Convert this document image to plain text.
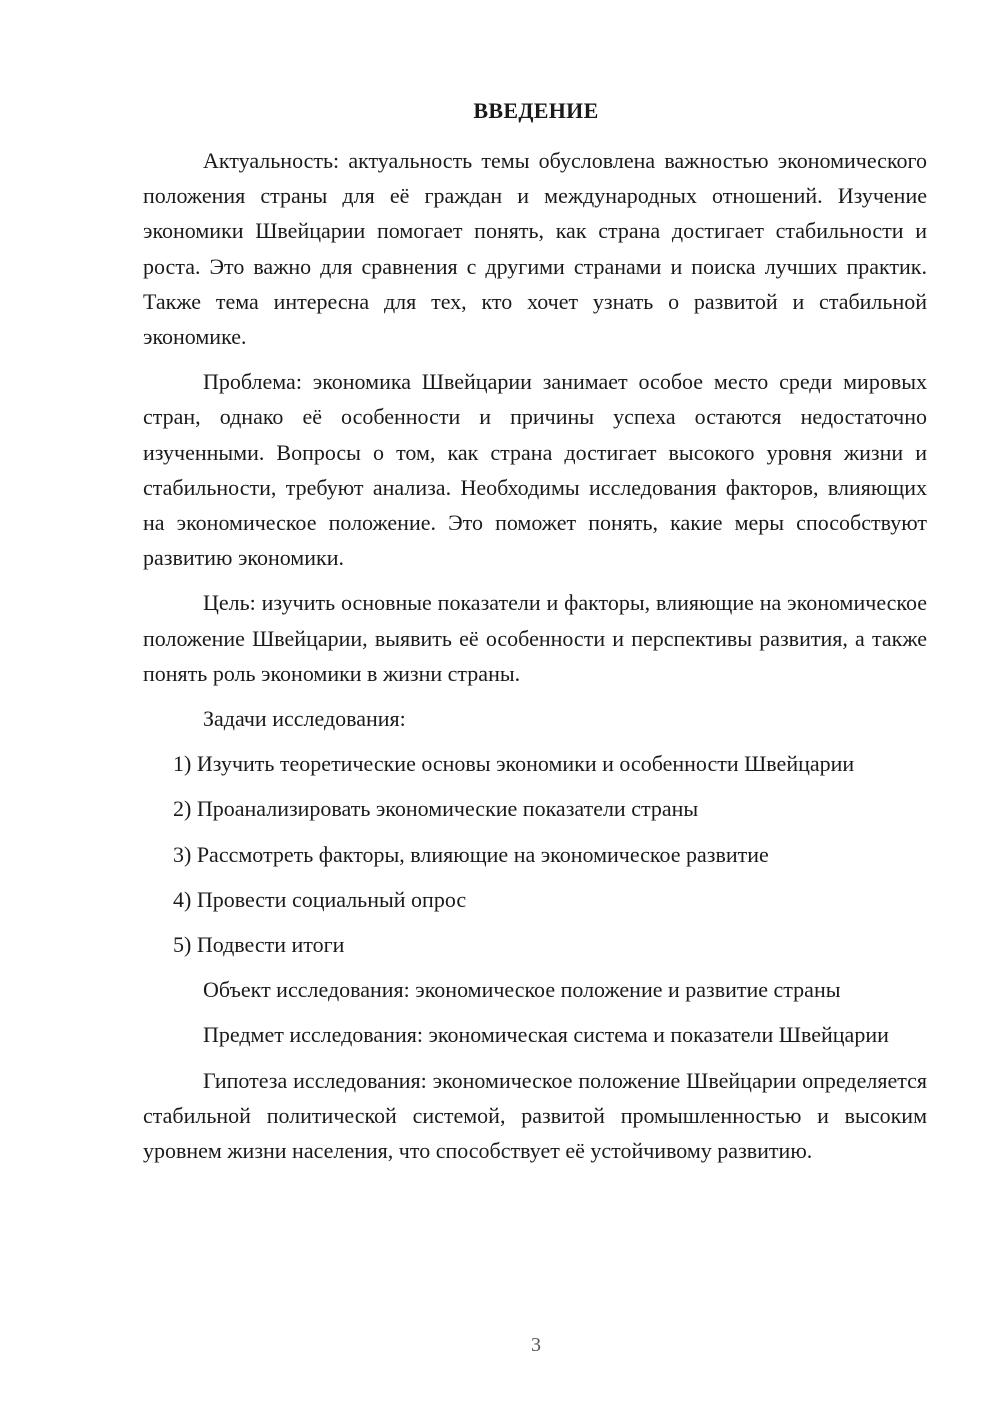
ВВЕДЕНИЕ

Актуальность: актуальность темы обусловлена важностью экономического положения страны для её граждан и международных отношений. Изучение экономики Швейцарии помогает понять, как страна достигает стабильности и роста. Это важно для сравнения с другими странами и поиска лучших практик. Также тема интересна для тех, кто хочет узнать о развитой и стабильной экономике.

Проблема: экономика Швейцарии занимает особое место среди мировых стран, однако её особенности и причины успеха остаются недостаточно изученными. Вопросы о том, как страна достигает высокого уровня жизни и стабильности, требуют анализа. Необходимы исследования факторов, влияющих на экономическое положение. Это поможет понять, какие меры способствуют развитию экономики.

Цель: изучить основные показатели и факторы, влияющие на экономическое положение Швейцарии, выявить её особенности и перспективы развития, а также понять роль экономики в жизни страны.

Задачи исследования:

1) Изучить теоретические основы экономики и особенности Швейцарии

2) Проанализировать экономические показатели страны

3) Рассмотреть факторы, влияющие на экономическое развитие

4) Провести социальный опрос

5) Подвести итоги

Объект исследования: экономическое положение и развитие страны

Предмет исследования: экономическая система и показатели Швейцарии

Гипотеза исследования: экономическое положение Швейцарии определяется стабильной политической системой, развитой промышленностью и высоким уровнем жизни населения, что способствует её устойчивому развитию.

3
